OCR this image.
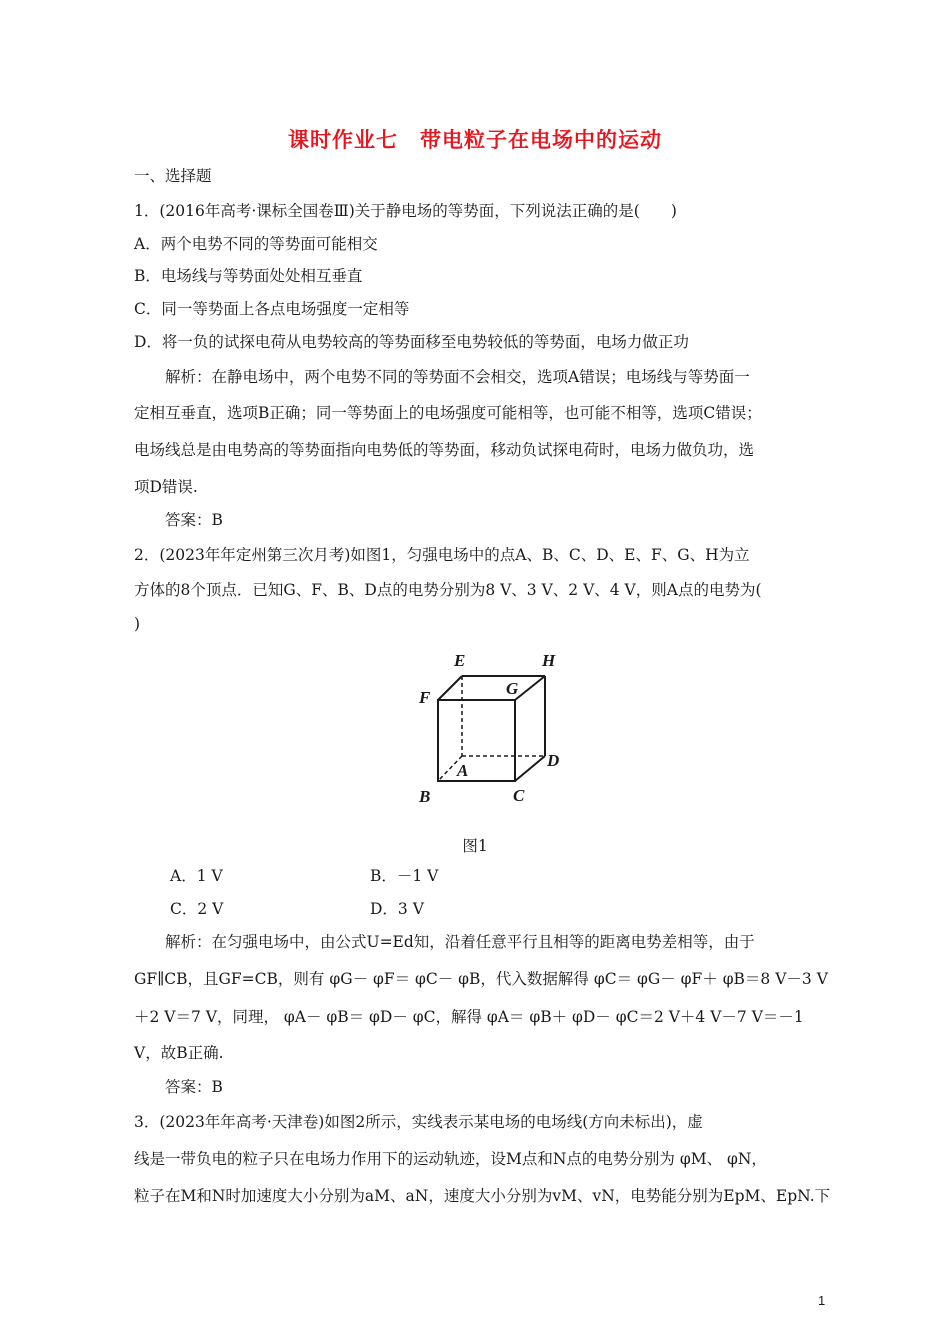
课时作业七　带电粒子在电场中的运动
一、选择题
1．(2016年高考·课标全国卷Ⅲ)关于静电场的等势面，下列说法正确的是(　　)
A．两个电势不同的等势面可能相交
B．电场线与等势面处处相互垂直
C．同一等势面上各点电场强度一定相等
D．将一负的试探电荷从电势较高的等势面移至电势较低的等势面，电场力做正功
解析：在静电场中，两个电势不同的等势面不会相交，选项A错误；电场线与等势面一
定相互垂直，选项B正确；同一等势面上的电场强度可能相等，也可能不相等，选项C错误；
电场线总是由电势高的等势面指向电势低的等势面，移动负试探电荷时，电场力做负功，选
项D错误.
答案：B
2．(2023年年定州第三次月考)如图1，匀强电场中的点A、B、C、D、E、F、G、H为立
方体的8个顶点．已知G、F、B、D点的电势分别为8 V、3 V、2 V、4 V，则A点的电势为(
)
E	H
G
F
A
D
B	C
图1
A．1 V	B．－1 V
C．2 V	D．3 V
解析：在匀强电场中，由公式U=Ed知，沿着任意平行且相等的距离电势差相等，由于
GF∥CB，且GF=CB，则有 φG－ φF＝ φC－ φB，代入数据解得 φC＝ φG－ φF＋ φB＝8 V－3 V
＋2 V＝7 V，同理， φA－ φB＝ φD－ φC，解得 φA＝ φB＋ φD－ φC＝2 V＋4 V－7 V＝－1
V，故B正确.
答案：B
3．(2023年年高考·天津卷)如图2所示，实线表示某电场的电场线(方向未标出)，虚
线是一带负电的粒子只在电场力作用下的运动轨迹，设M点和N点的电势分别为 φM、 φN，
粒子在M和N时加速度大小分别为aM、aN，速度大小分别为vM、vN，电势能分别为EpM、EpN.下
1
